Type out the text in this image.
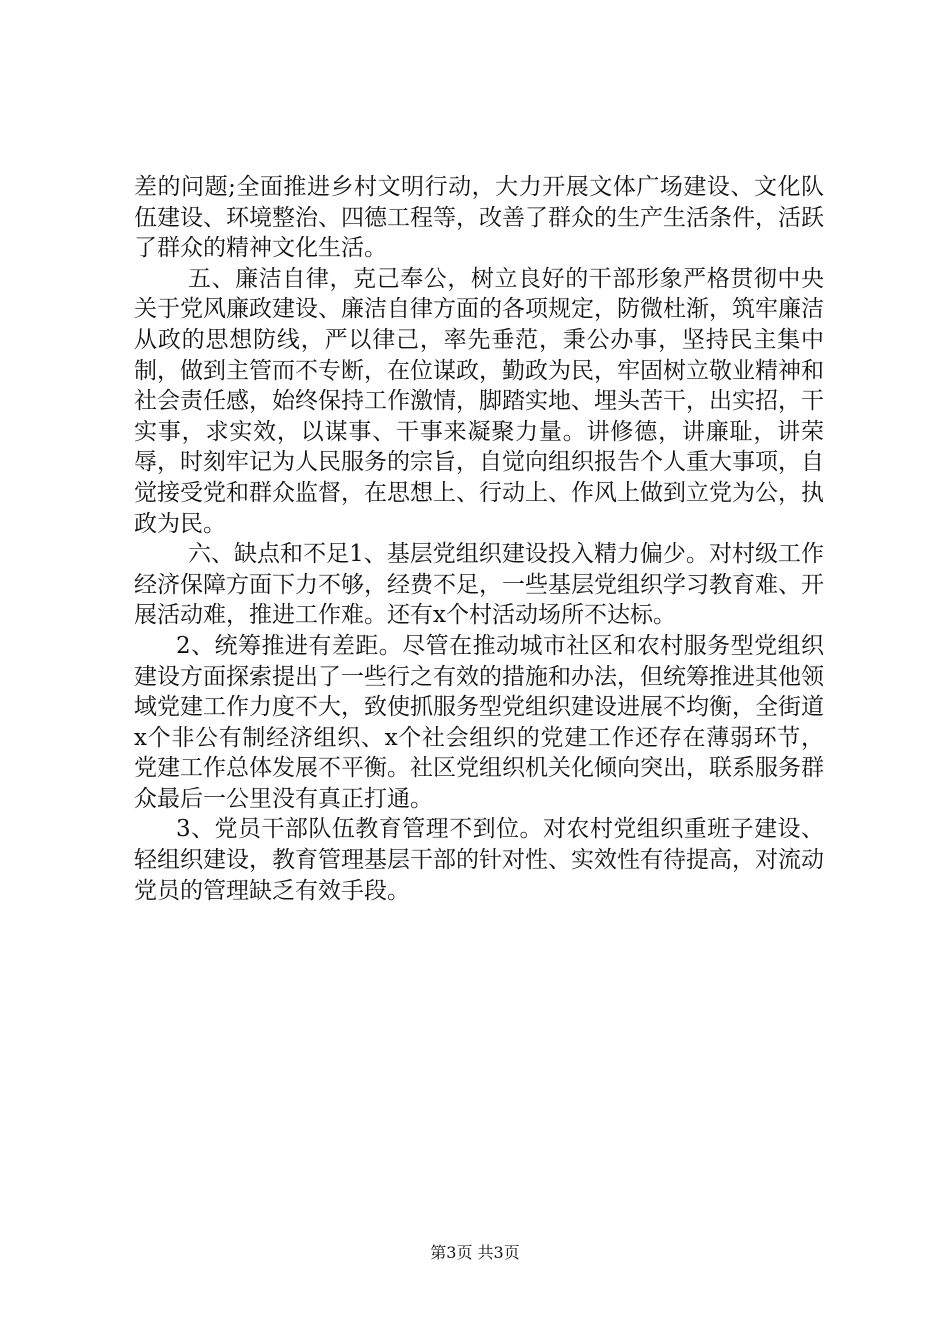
差的问题;全面推进乡村文明行动，大力开展文体广场建设、文化队伍建设、环境整治、四德工程等，改善了群众的生产生活条件，活跃了群众的精神文化生活。

五、廉洁自律，克己奉公，树立良好的干部形象严格贯彻中央关于党风廉政建设、廉洁自律方面的各项规定，防微杜渐，筑牢廉洁从政的思想防线，严以律己，率先垂范，秉公办事，坚持民主集中制，做到主管而不专断，在位谋政，勤政为民，牢固树立敬业精神和社会责任感，始终保持工作激情，脚踏实地、埋头苦干，出实招，干实事，求实效，以谋事、干事来凝聚力量。讲修德，讲廉耻，讲荣辱，时刻牢记为人民服务的宗旨，自觉向组织报告个人重大事项，自觉接受党和群众监督，在思想上、行动上、作风上做到立党为公，执政为民。

六、缺点和不足1、基层党组织建设投入精力偏少。对村级工作经济保障方面下力不够，经费不足，一些基层党组织学习教育难、开展活动难，推进工作难。还有x个村活动场所不达标。

2、统筹推进有差距。尽管在推动城市社区和农村服务型党组织建设方面探索提出了一些行之有效的措施和办法，但统筹推进其他领域党建工作力度不大，致使抓服务型党组织建设进展不均衡，全街道x个非公有制经济组织、x个社会组织的党建工作还存在薄弱环节，党建工作总体发展不平衡。社区党组织机关化倾向突出，联系服务群众最后一公里没有真正打通。

3、党员干部队伍教育管理不到位。对农村党组织重班子建设、轻组织建设，教育管理基层干部的针对性、实效性有待提高，对流动党员的管理缺乏有效手段。

第3页 共3页
